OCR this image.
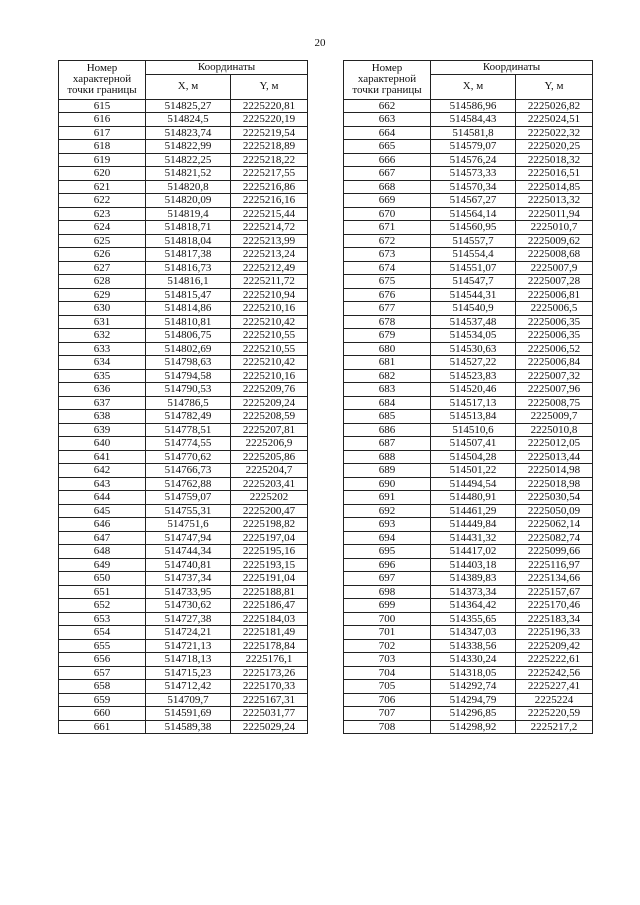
20
Номер характерной точки границы	Координаты	
	X, м	Y, м
615	514825,27	2225220,81
616	514824,5	2225220,19
617	514823,74	2225219,54
618	514822,99	2225218,89
619	514822,25	2225218,22
620	514821,52	2225217,55
621	514820,8	2225216,86
622	514820,09	2225216,16
623	514819,4	2225215,44
624	514818,71	2225214,72
625	514818,04	2225213,99
626	514817,38	2225213,24
627	514816,73	2225212,49
628	514816,1	2225211,72
629	514815,47	2225210,94
630	514814,86	2225210,16
631	514810,81	2225210,42
632	514806,75	2225210,55
633	514802,69	2225210,55
634	514798,63	2225210,42
635	514794,58	2225210,16
636	514790,53	2225209,76
637	514786,5	2225209,24
638	514782,49	2225208,59
639	514778,51	2225207,81
640	514774,55	2225206,9
641	514770,62	2225205,86
642	514766,73	2225204,7
643	514762,88	2225203,41
644	514759,07	2225202
645	514755,31	2225200,47
646	514751,6	2225198,82
647	514747,94	2225197,04
648	514744,34	2225195,16
649	514740,81	2225193,15
650	514737,34	2225191,04
651	514733,95	2225188,81
652	514730,62	2225186,47
653	514727,38	2225184,03
654	514724,21	2225181,49
655	514721,13	2225178,84
656	514718,13	2225176,1
657	514715,23	2225173,26
658	514712,42	2225170,33
659	514709,7	2225167,31
660	514591,69	2225031,77
661	514589,38	2225029,24
Номер характерной точки границы	Координаты	
	X, м	Y, м
662	514586,96	2225026,82
663	514584,43	2225024,51
664	514581,8	2225022,32
665	514579,07	2225020,25
666	514576,24	2225018,32
667	514573,33	2225016,51
668	514570,34	2225014,85
669	514567,27	2225013,32
670	514564,14	2225011,94
671	514560,95	2225010,7
672	514557,7	2225009,62
673	514554,4	2225008,68
674	514551,07	2225007,9
675	514547,7	2225007,28
676	514544,31	2225006,81
677	514540,9	2225006,5
678	514537,48	2225006,35
679	514534,05	2225006,35
680	514530,63	2225006,52
681	514527,22	2225006,84
682	514523,83	2225007,32
683	514520,46	2225007,96
684	514517,13	2225008,75
685	514513,84	2225009,7
686	514510,6	2225010,8
687	514507,41	2225012,05
688	514504,28	2225013,44
689	514501,22	2225014,98
690	514494,54	2225018,98
691	514480,91	2225030,54
692	514461,29	2225050,09
693	514449,84	2225062,14
694	514431,32	2225082,74
695	514417,02	2225099,66
696	514403,18	2225116,97
697	514389,83	2225134,66
698	514373,34	2225157,67
699	514364,42	2225170,46
700	514355,65	2225183,34
701	514347,03	2225196,33
702	514338,56	2225209,42
703	514330,24	2225222,61
704	514318,05	2225242,56
705	514292,74	2225227,41
706	514294,79	2225224
707	514296,85	2225220,59
708	514298,92	2225217,2
